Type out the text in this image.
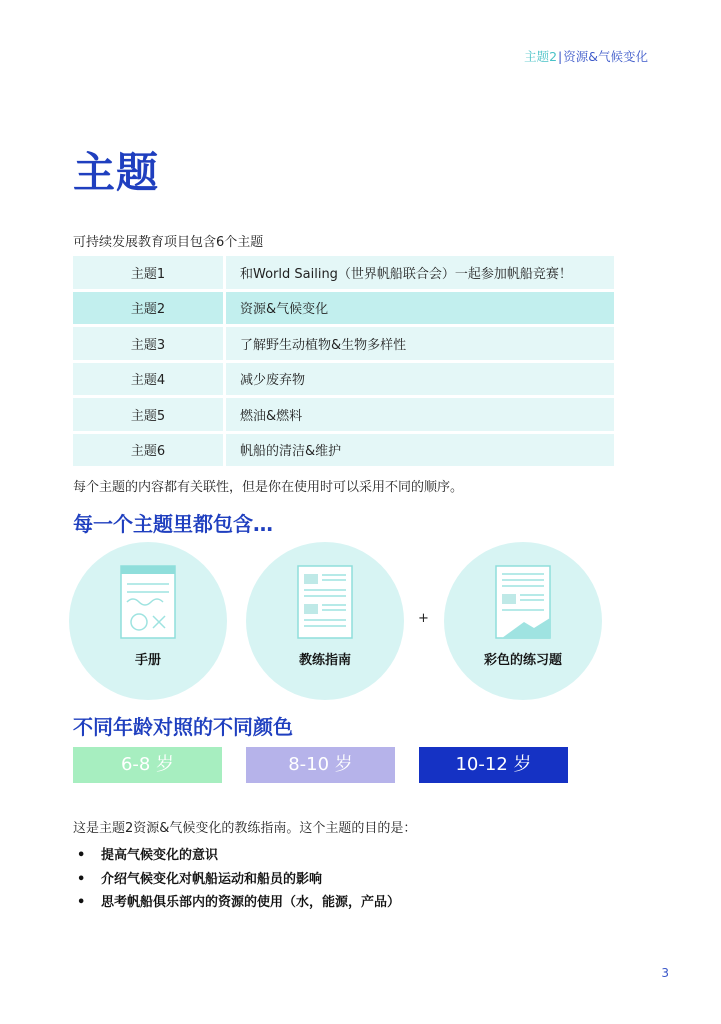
主题2|资源&气候变化
主题
可持续发展教育项目包含6个主题
主题1	和World Sailing（世界帆船联合会）一起参加帆船竞赛！
主题2	资源&气候变化
主题3	了解野生动植物&生物多样性
主题4	减少废弃物
主题5	燃油&燃料
主题6	帆船的清洁&维护
每个主题的内容都有关联性，但是你在使用时可以采用不同的顺序。
每一个主题里都包含…
手册	教练指南
+
彩色的练习题
不同年龄对照的不同颜色
6-8 岁	8-10 岁	10-12 岁
这是主题2资源&气候变化的教练指南。这个主题的目的是：
• 提高气候变化的意识
• 介绍气候变化对帆船运动和船员的影响
• 思考帆船俱乐部内的资源的使用（水，能源，产品）
3
